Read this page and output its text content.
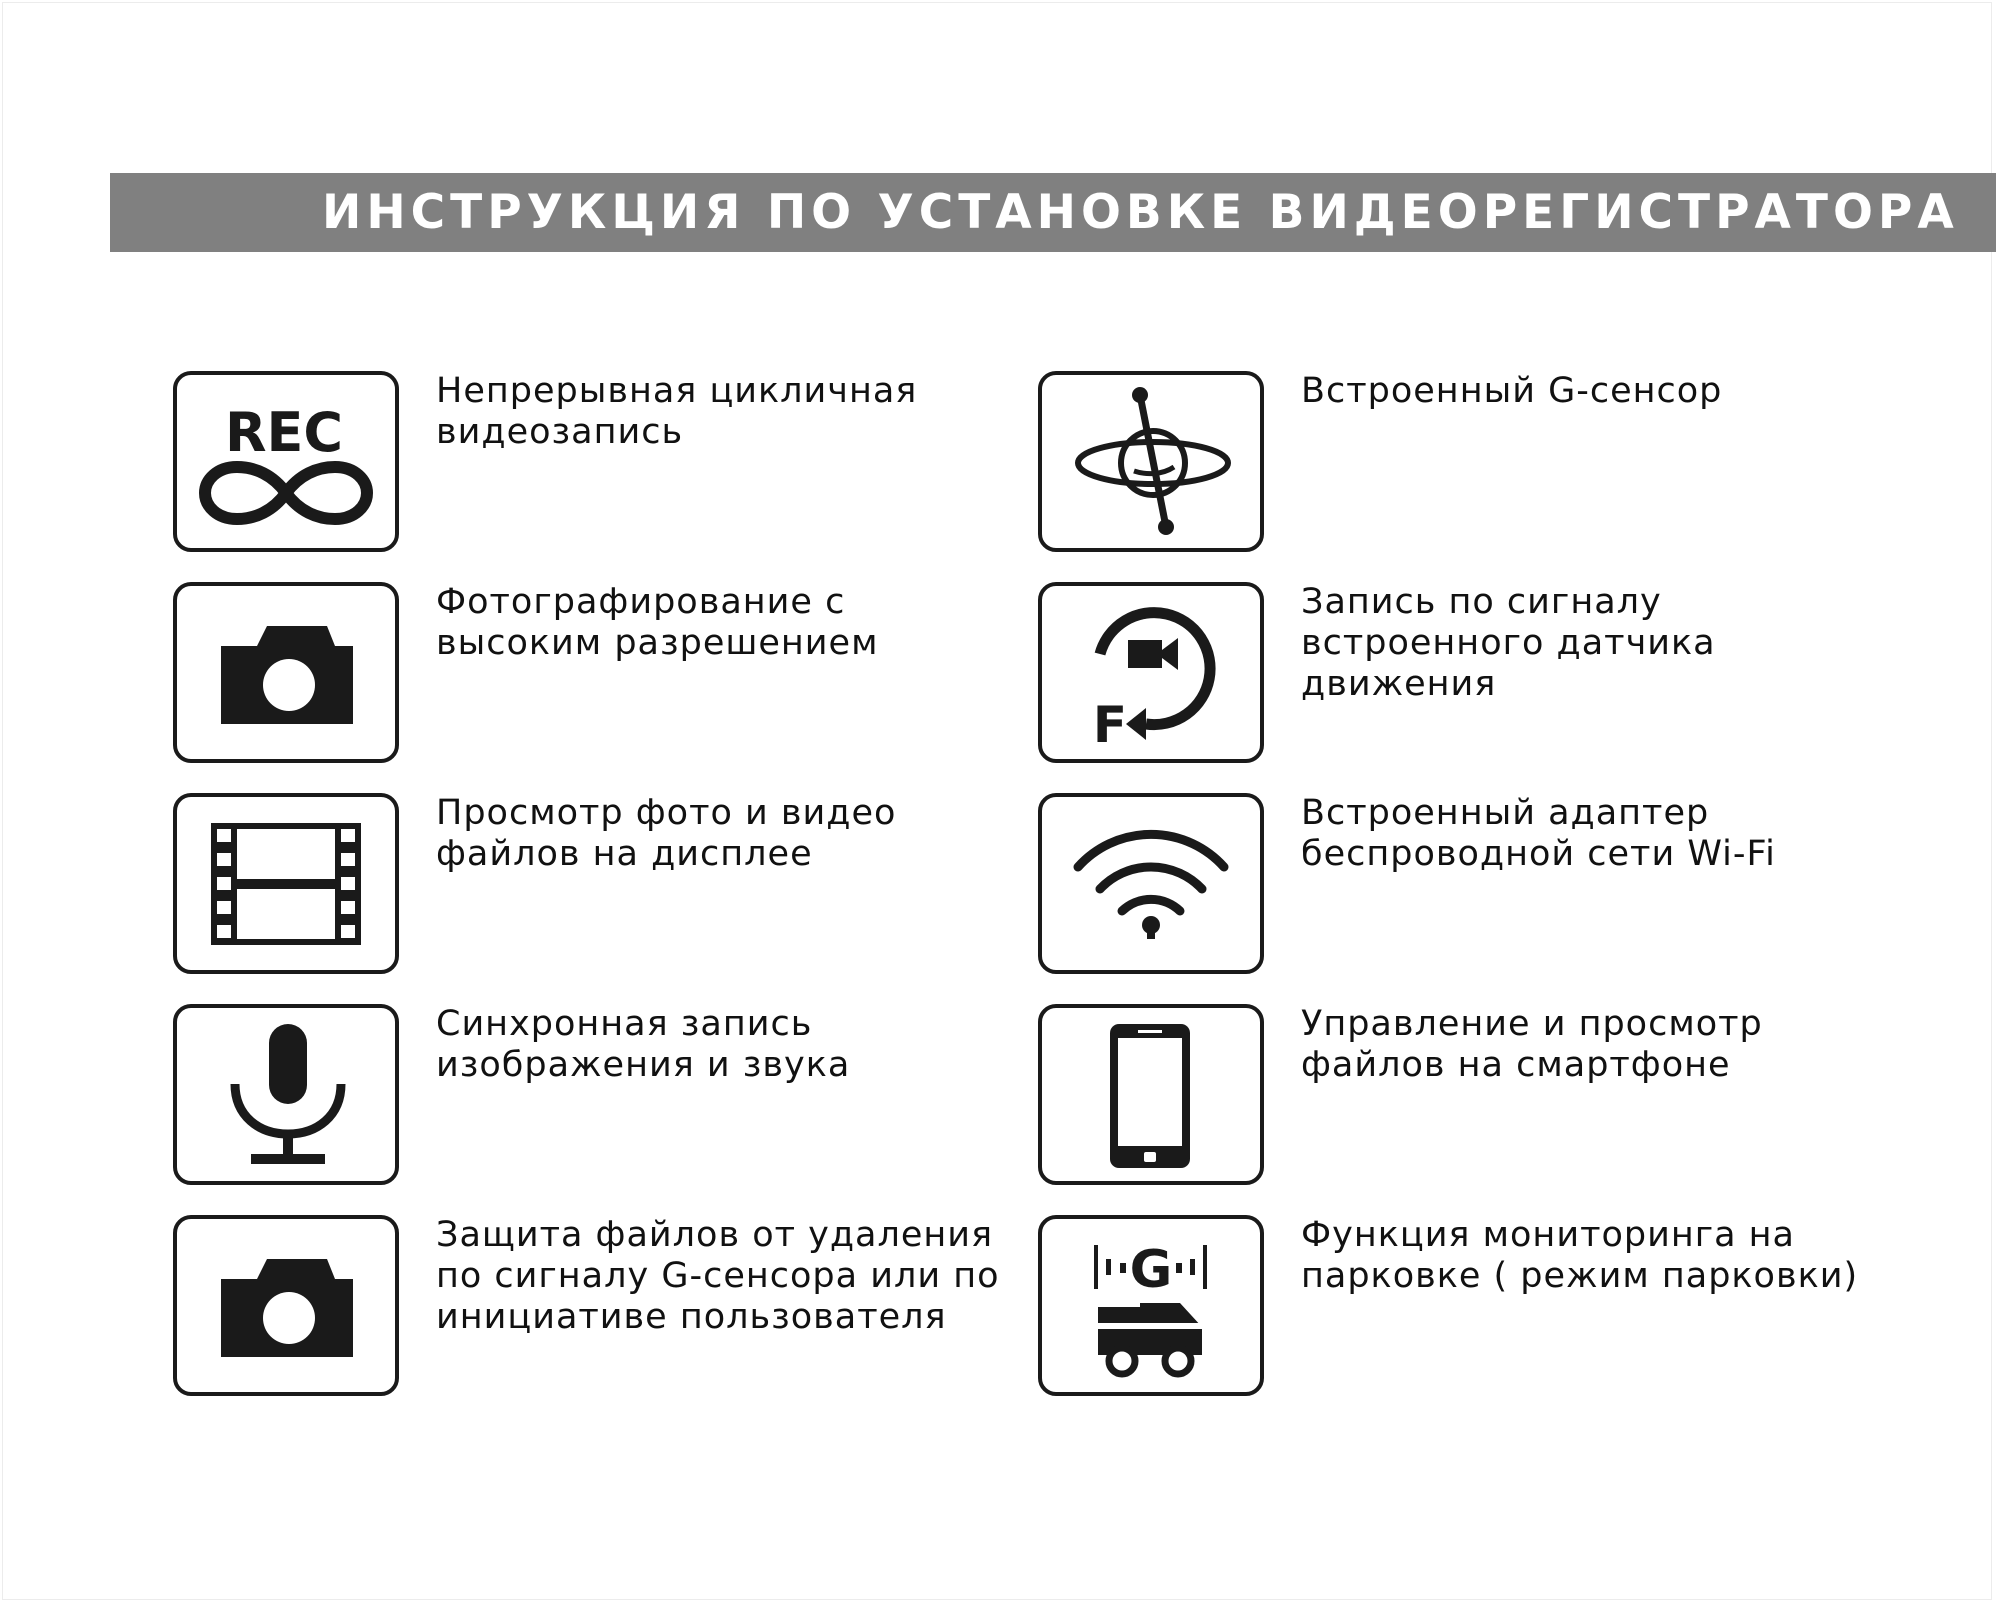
ИНСТРУКЦИЯ ПО УСТАНОВКЕ ВИДЕОРЕГИСТРАТОРА
REC
Непрерывная цикличная
видеозапись
Фотографирование с
высоким разрешением
Просмотр фото и видео
файлов на дисплее
Синхронная запись
изображения и звука
Защита файлов от удаления
по сигналу G-сенсора или по
инициативе пользователя
Встроенный G-сенсор
F
Запись по сигналу
встроенного датчика
движения
Встроенный адаптер
беспроводной сети Wi-Fi
Управление и просмотр
файлов на смартфоне
G
Функция мониторинга на
парковке ( режим парковки)
